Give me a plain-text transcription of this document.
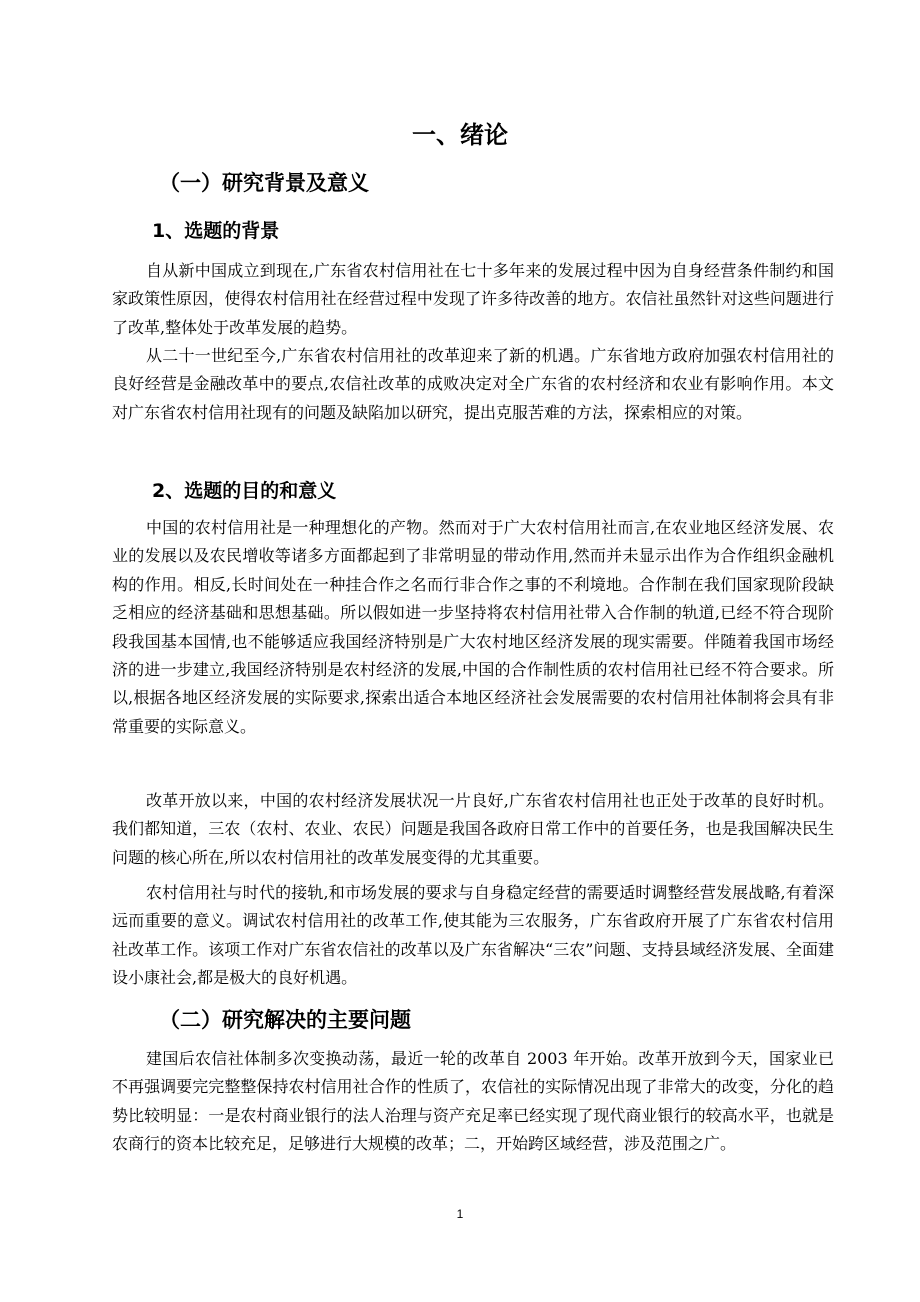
一、绪论
（一）研究背景及意义
1、选题的背景

自从新中国成立到现在,广东省农村信用社在七十多年来的发展过程中因为自身经营条件制约和国家政策性原因，使得农村信用社在经营过程中发现了许多待改善的地方。农信社虽然针对这些问题进行了改革,整体处于改革发展的趋势。

从二十一世纪至今,广东省农村信用社的改革迎来了新的机遇。广东省地方政府加强农村信用社的良好经营是金融改革中的要点,农信社改革的成败决定对全广东省的农村经济和农业有影响作用。本文对广东省农村信用社现有的问题及缺陷加以研究，提出克服苦难的方法，探索相应的对策。

2、选题的目的和意义

中国的农村信用社是一种理想化的产物。然而对于广大农村信用社而言,在农业地区经济发展、农业的发展以及农民增收等诸多方面都起到了非常明显的带动作用,然而并未显示出作为合作组织金融机构的作用。相反,长时间处在一种挂合作之名而行非合作之事的不利境地。合作制在我们国家现阶段缺乏相应的经济基础和思想基础。所以假如进一步坚持将农村信用社带入合作制的轨道,已经不符合现阶段我国基本国情,也不能够适应我国经济特别是广大农村地区经济发展的现实需要。伴随着我国市场经济的进一步建立,我国经济特别是农村经济的发展,中国的合作制性质的农村信用社已经不符合要求。所以,根据各地区经济发展的实际要求,探索出适合本地区经济社会发展需要的农村信用社体制将会具有非常重要的实际意义。

改革开放以来，中国的农村经济发展状况一片良好,广东省农村信用社也正处于改革的良好时机。我们都知道，三农（农村、农业、农民）问题是我国各政府日常工作中的首要任务，也是我国解决民生问题的核心所在,所以农村信用社的改革发展变得的尤其重要。

农村信用社与时代的接轨,和市场发展的要求与自身稳定经营的需要适时调整经营发展战略,有着深远而重要的意义。调试农村信用社的改革工作,使其能为三农服务，广东省政府开展了广东省农村信用社改革工作。该项工作对广东省农信社的改革以及广东省解决“三农”问题、支持县域经济发展、全面建设小康社会,都是极大的良好机遇。

（二）研究解决的主要问题

建国后农信社体制多次变换动荡，最近一轮的改革自 2003 年开始。改革开放到今天，国家业已不再强调要完完整整保持农村信用社合作的性质了，农信社的实际情况出现了非常大的改变，分化的趋势比较明显：一是农村商业银行的法人治理与资产充足率已经实现了现代商业银行的较高水平，也就是农商行的资本比较充足，足够进行大规模的改革；二，开始跨区域经营，涉及范围之广。

1
